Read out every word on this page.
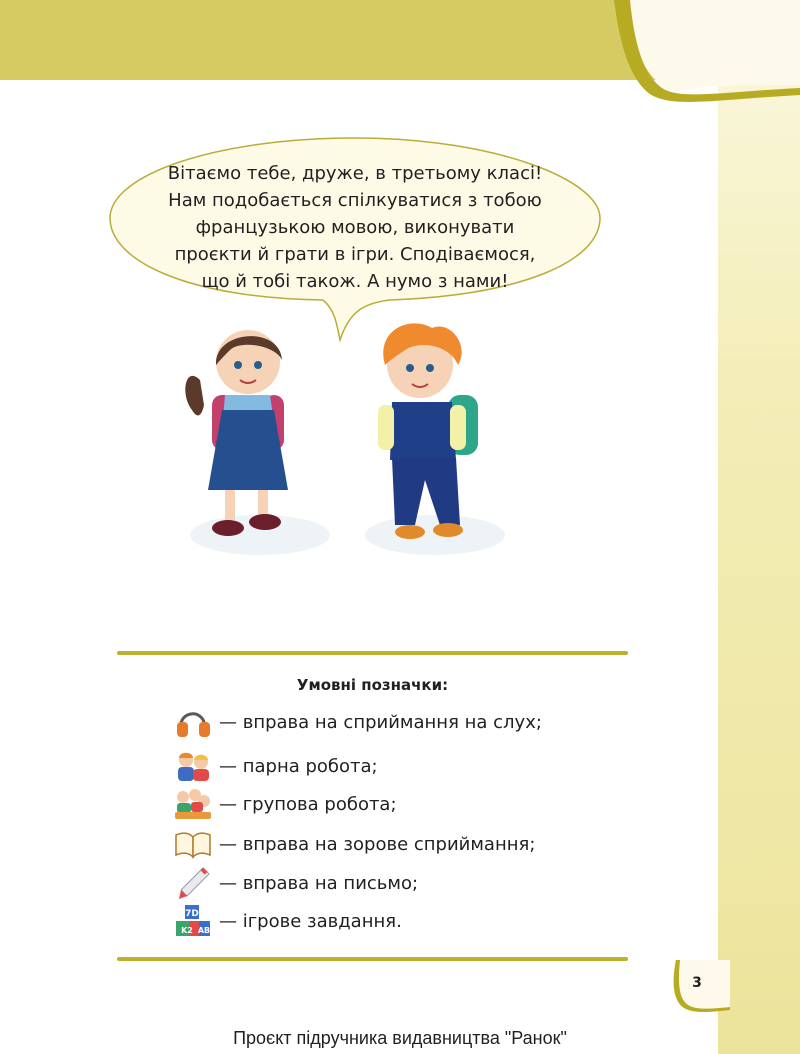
Вітаємо тебе, друже, в третьому класі!
Нам подобається спілкуватися з тобою
французькою мовою, виконувати
проєкти й грати в ігри. Сподіваємося,
що й тобі також. А нумо з нами!
Умовні позначки:
— вправа на сприймання на слух;
— парна робота;
— групова робота;
— вправа на зорове сприймання;
— вправа на письмо;
7D
K2 AB — ігрове завдання.
3
Проєкт підручника видавництва "Ранок"
